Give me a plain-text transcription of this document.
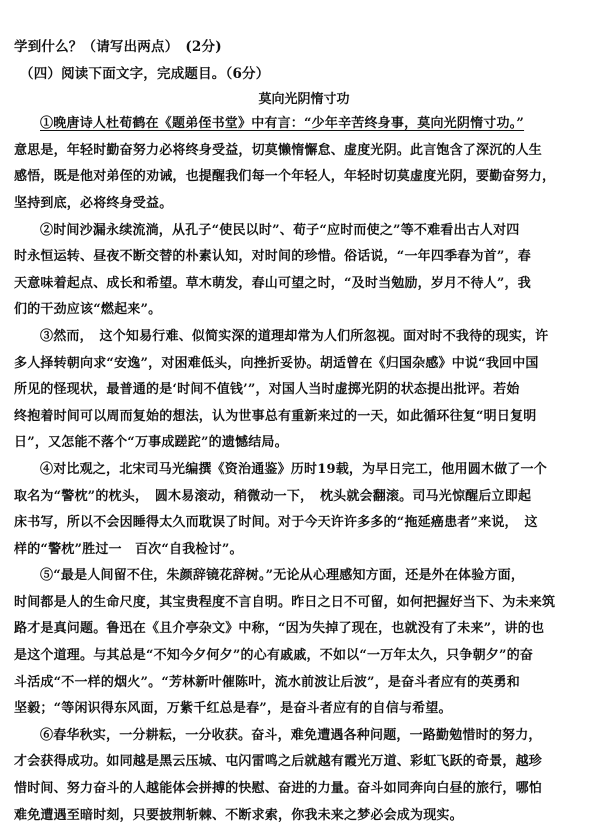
学到什么？（请写出两点）　(2分)
（四）阅读下面文字，完成题目。（6分）
莫向光阴惰寸功
①晚唐诗人杜荀鹤在《题弟侄书堂》中有言：“少年辛苦终身事，莫向光阴惰寸功。”
意思是，年轻时勤奋努力必将终身受益，切莫懒惰懈怠、虚度光阴。此言饱含了深沉的人生
感悟，既是他对弟侄的劝诫，也提醒我们每一个年轻人，年轻时切莫虚度光阴，要勤奋努力，
坚持到底，必将终身受益。
②时间沙漏永续流淌，从孔子“使民以时”、荀子“应时而使之”等不难看出古人对四
时永恒运转、昼夜不断交替的朴素认知，对时间的珍惜。俗话说，“一年四季春为首”，春
天意味着起点、成长和希望。草木萌发，春山可望之时，“及时当勉励，岁月不待人”，我
们的干劲应该“燃起来”。
③然而，　这个知易行难、似简实深的道理却常为人们所忽视。面对时不我待的现实，许
多人择转朝向求“安逸”，对困难低头，向挫折妥协。胡适曾在《归国杂感》中说“我回中国
所见的怪现状，最普通的是‘时间不值钱’”，对国人当时虚掷光阴的状态提出批评。若始
终抱着时间可以周而复始的想法，认为世事总有重新来过的一天，如此循环往复“明日复明
日”，又怎能不落个“万事成蹉跎”的遗憾结局。
④对比观之，北宋司马光编撰《资治通鉴》历时19载，为早日完工，他用圆木做了一个
取名为“警枕”的枕头，　圆木易滚动，稍微动一下，　枕头就会翻滚。司马光惊醒后立即起
床书写，所以不会因睡得太久而耽误了时间。对于今天许许多多的“拖延癌患者”来说，　这
样的“警枕”胜过一　百次“自我检讨”。
⑤“最是人间留不住，朱颜辞镜花辞树。”无论从心理感知方面，还是外在体验方面，
时间都是人的生命尺度，其宝贵程度不言自明。昨日之日不可留，如何把握好当下、为未来筑
路才是真问题。鲁迅在《且介亭杂文》中称，“因为失掉了现在，也就没有了未来”，讲的也
是这个道理。与其总是“不知今夕何夕”的心有戚戚，不如以“一万年太久，只争朝夕”的奋
斗活成“不一样的烟火”。“芳林新叶催陈叶，流水前波让后波”，是奋斗者应有的英勇和
坚毅；“等闲识得东风面，万紫千红总是春”，是奋斗者应有的自信与希望。
⑥春华秋实，一分耕耘，一分收获。奋斗，难免遭遇各种问题，一路勤勉惜时的努力，
才会获得成功。如同越是黑云压城、屯闪雷鸣之后就越有霞光万道、彩虹飞跃的奇景，越珍
惜时间、努力奋斗的人越能体会拼搏的快慰、奋进的力量。奋斗如同奔向白昼的旅行，哪怕
难免遭遇至暗时刻，只要披荆斩棘、不断求索，你我未来之梦必会成为现实。
